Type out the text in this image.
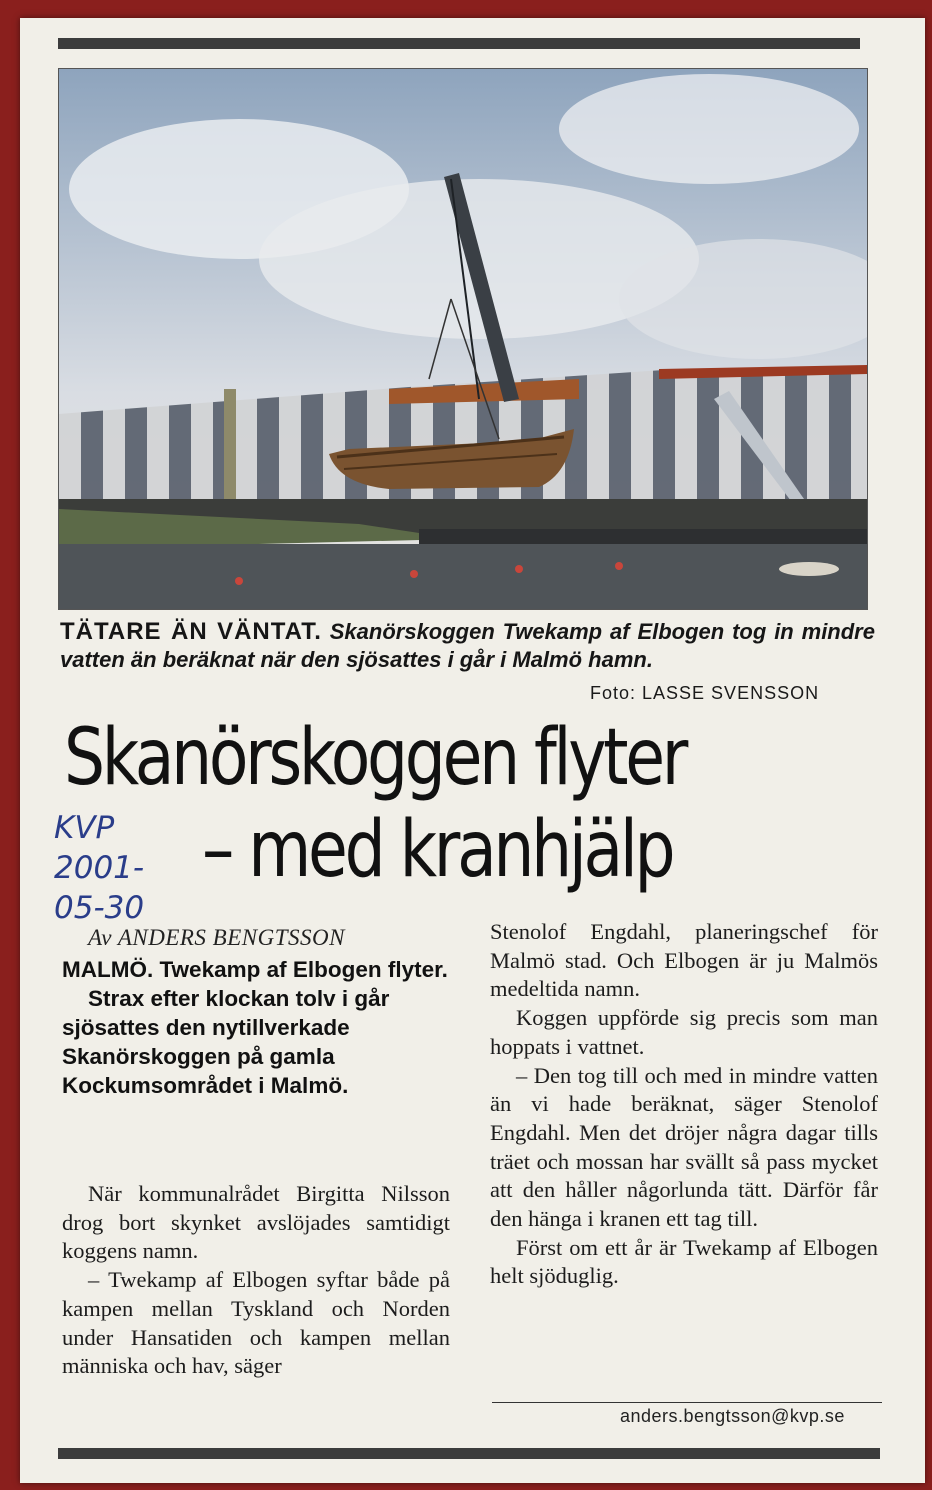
TÄTARE ÄN VÄNTAT. Skanörskoggen Twekamp af Elbogen tog in mindre vatten än beräknat när den sjösattes i går i Malmö hamn.
Foto: LASSE SVENSSON
Skanörskoggen flyter
– med kranhjälp
KVP
2001-
05-30
Av ANDERS BENGTSSON

MALMÖ. Twekamp af Elbogen flyter.

Strax efter klockan tolv i går sjösattes den nytillverkade Skanörskoggen på gamla Kockumsområdet i Malmö.

När kommunalrådet Birgitta Nilsson drog bort skynket avslöjades samtidigt koggens namn.

– Twekamp af Elbogen syftar både på kampen mellan Tyskland och Norden under Hansatiden och kampen mellan människa och hav, säger

Stenolof Engdahl, planeringschef för Malmö stad. Och Elbogen är ju Malmös medeltida namn.

Koggen uppförde sig precis som man hoppats i vattnet.

– Den tog till och med in mindre vatten än vi hade beräknat, säger Stenolof Engdahl. Men det dröjer några dagar tills träet och mossan har svällt så pass mycket att den håller någorlunda tätt. Därför får den hänga i kranen ett tag till.

Först om ett år är Twekamp af Elbogen helt sjöduglig.

anders.bengtsson@kvp.se
